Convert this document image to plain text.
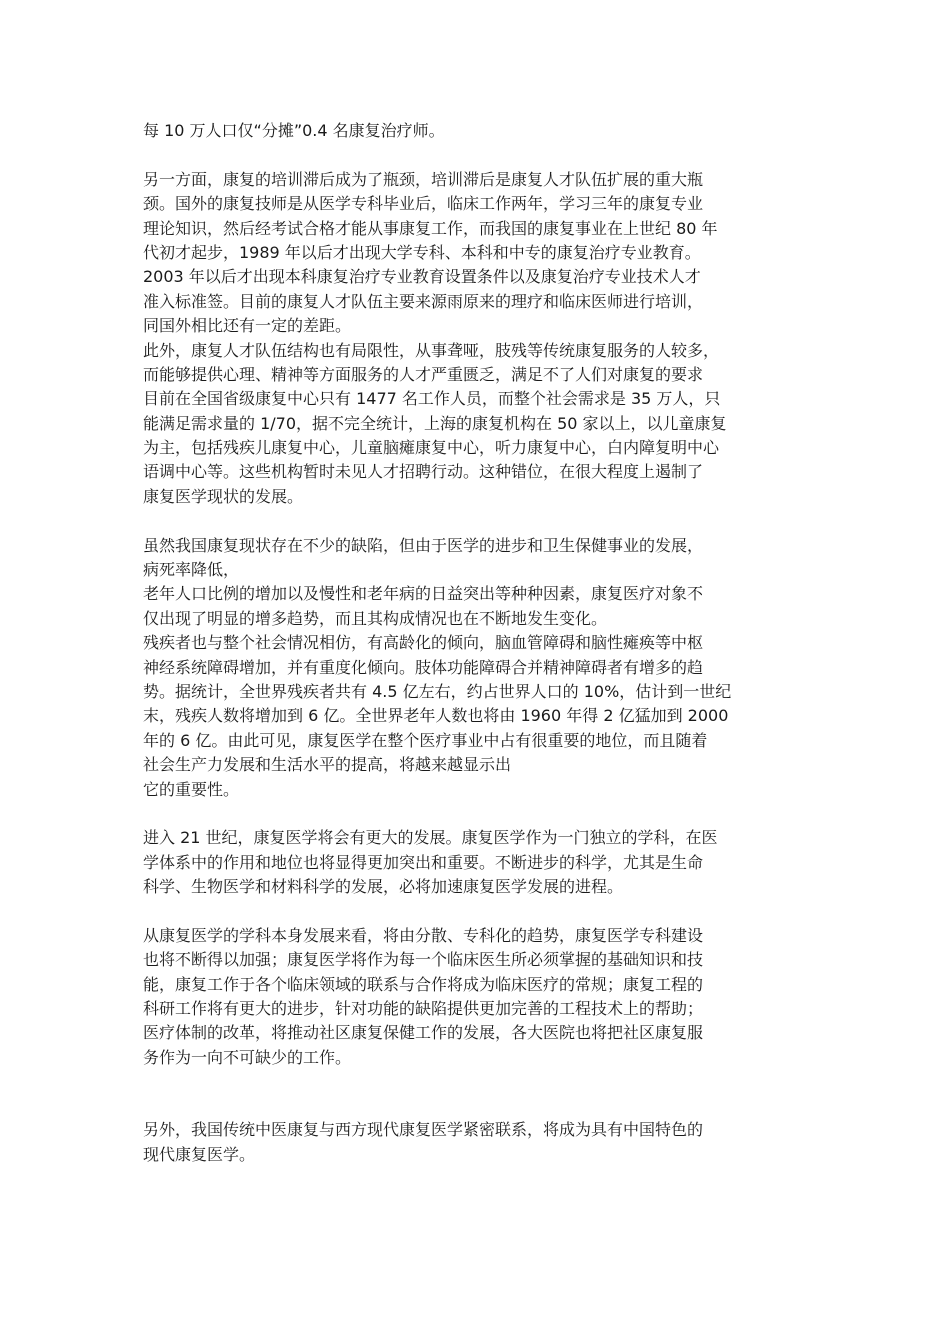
每 10 万人口仅“分摊”0.4 名康复治疗师。
另一方面，康复的培训滞后成为了瓶颈，培训滞后是康复人才队伍扩展的重大瓶
颈。国外的康复技师是从医学专科毕业后，临床工作两年，学习三年的康复专业
理论知识，然后经考试合格才能从事康复工作，而我国的康复事业在上世纪 80 年
代初才起步，1989 年以后才出现大学专科、本科和中专的康复治疗专业教育。
2003 年以后才出现本科康复治疗专业教育设置条件以及康复治疗专业技术人才
准入标准签。目前的康复人才队伍主要来源雨原来的理疗和临床医师进行培训，
同国外相比还有一定的差距。
此外，康复人才队伍结构也有局限性，从事聋哑，肢残等传统康复服务的人较多，
而能够提供心理、精神等方面服务的人才严重匮乏，满足不了人们对康复的要求
目前在全国省级康复中心只有 1477 名工作人员，而整个社会需求是 35 万人，只
能满足需求量的 1/70，据不完全统计，上海的康复机构在 50 家以上，以儿童康复
为主，包括残疾儿康复中心，儿童脑瘫康复中心，听力康复中心，白内障复明中心
语调中心等。这些机构暂时未见人才招聘行动。这种错位，在很大程度上遏制了
康复医学现状的发展。
虽然我国康复现状存在不少的缺陷，但由于医学的进步和卫生保健事业的发展，
病死率降低，
老年人口比例的增加以及慢性和老年病的日益突出等种种因素，康复医疗对象不
仅出现了明显的增多趋势，而且其构成情况也在不断地发生变化。
残疾者也与整个社会情况相仿，有高龄化的倾向，脑血管障碍和脑性瘫痪等中枢
神经系统障碍增加，并有重度化倾向。肢体功能障碍合并精神障碍者有增多的趋
势。据统计，全世界残疾者共有 4.5 亿左右，约占世界人口的 10%，估计到一世纪
末，残疾人数将增加到 6 亿。全世界老年人数也将由 1960 年得 2 亿猛加到 2000
年的 6 亿。由此可见，康复医学在整个医疗事业中占有很重要的地位，而且随着
社会生产力发展和生活水平的提高，将越来越显示出
它的重要性。
进入 21 世纪，康复医学将会有更大的发展。康复医学作为一门独立的学科，在医
学体系中的作用和地位也将显得更加突出和重要。不断进步的科学，尤其是生命
科学、生物医学和材料科学的发展，必将加速康复医学发展的进程。
从康复医学的学科本身发展来看，将由分散、专科化的趋势，康复医学专科建设
也将不断得以加强；康复医学将作为每一个临床医生所必须掌握的基础知识和技
能，康复工作于各个临床领域的联系与合作将成为临床医疗的常规；康复工程的
科研工作将有更大的进步，针对功能的缺陷提供更加完善的工程技术上的帮助；
医疗体制的改革，将推动社区康复保健工作的发展，各大医院也将把社区康复服
务作为一向不可缺少的工作。
另外，我国传统中医康复与西方现代康复医学紧密联系，将成为具有中国特色的
现代康复医学。
